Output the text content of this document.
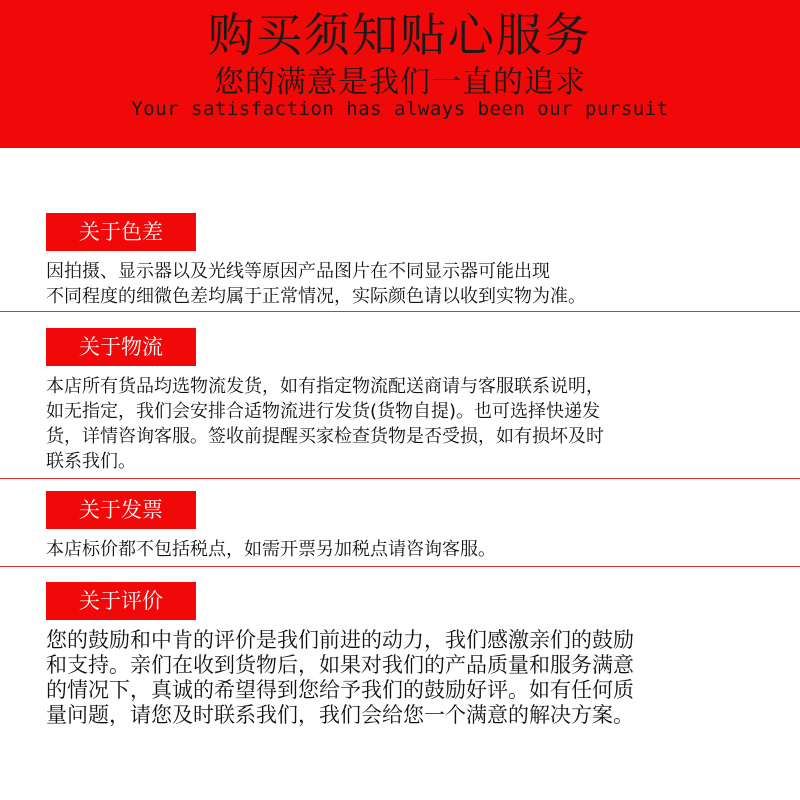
购买须知贴心服务
您的满意是我们一直的追求
Your satisfaction has always been our pursuit
关于色差
因拍摄、显示器以及光线等原因产品图片在不同显示器可能出现
不同程度的细微色差均属于正常情况，实际颜色请以收到实物为准。
关于物流
本店所有货品均选物流发货，如有指定物流配送商请与客服联系说明，
如无指定，我们会安排合适物流进行发货(货物自提)。也可选择快递发
货，详情咨询客服。签收前提醒买家检查货物是否受损，如有损坏及时
联系我们。
关于发票
本店标价都不包括税点，如需开票另加税点请咨询客服。
关于评价
您的鼓励和中肯的评价是我们前进的动力，我们感激亲们的鼓励
和支持。亲们在收到货物后，如果对我们的产品质量和服务满意
的情况下，真诚的希望得到您给予我们的鼓励好评。如有任何质
量问题，请您及时联系我们，我们会给您一个满意的解决方案。
